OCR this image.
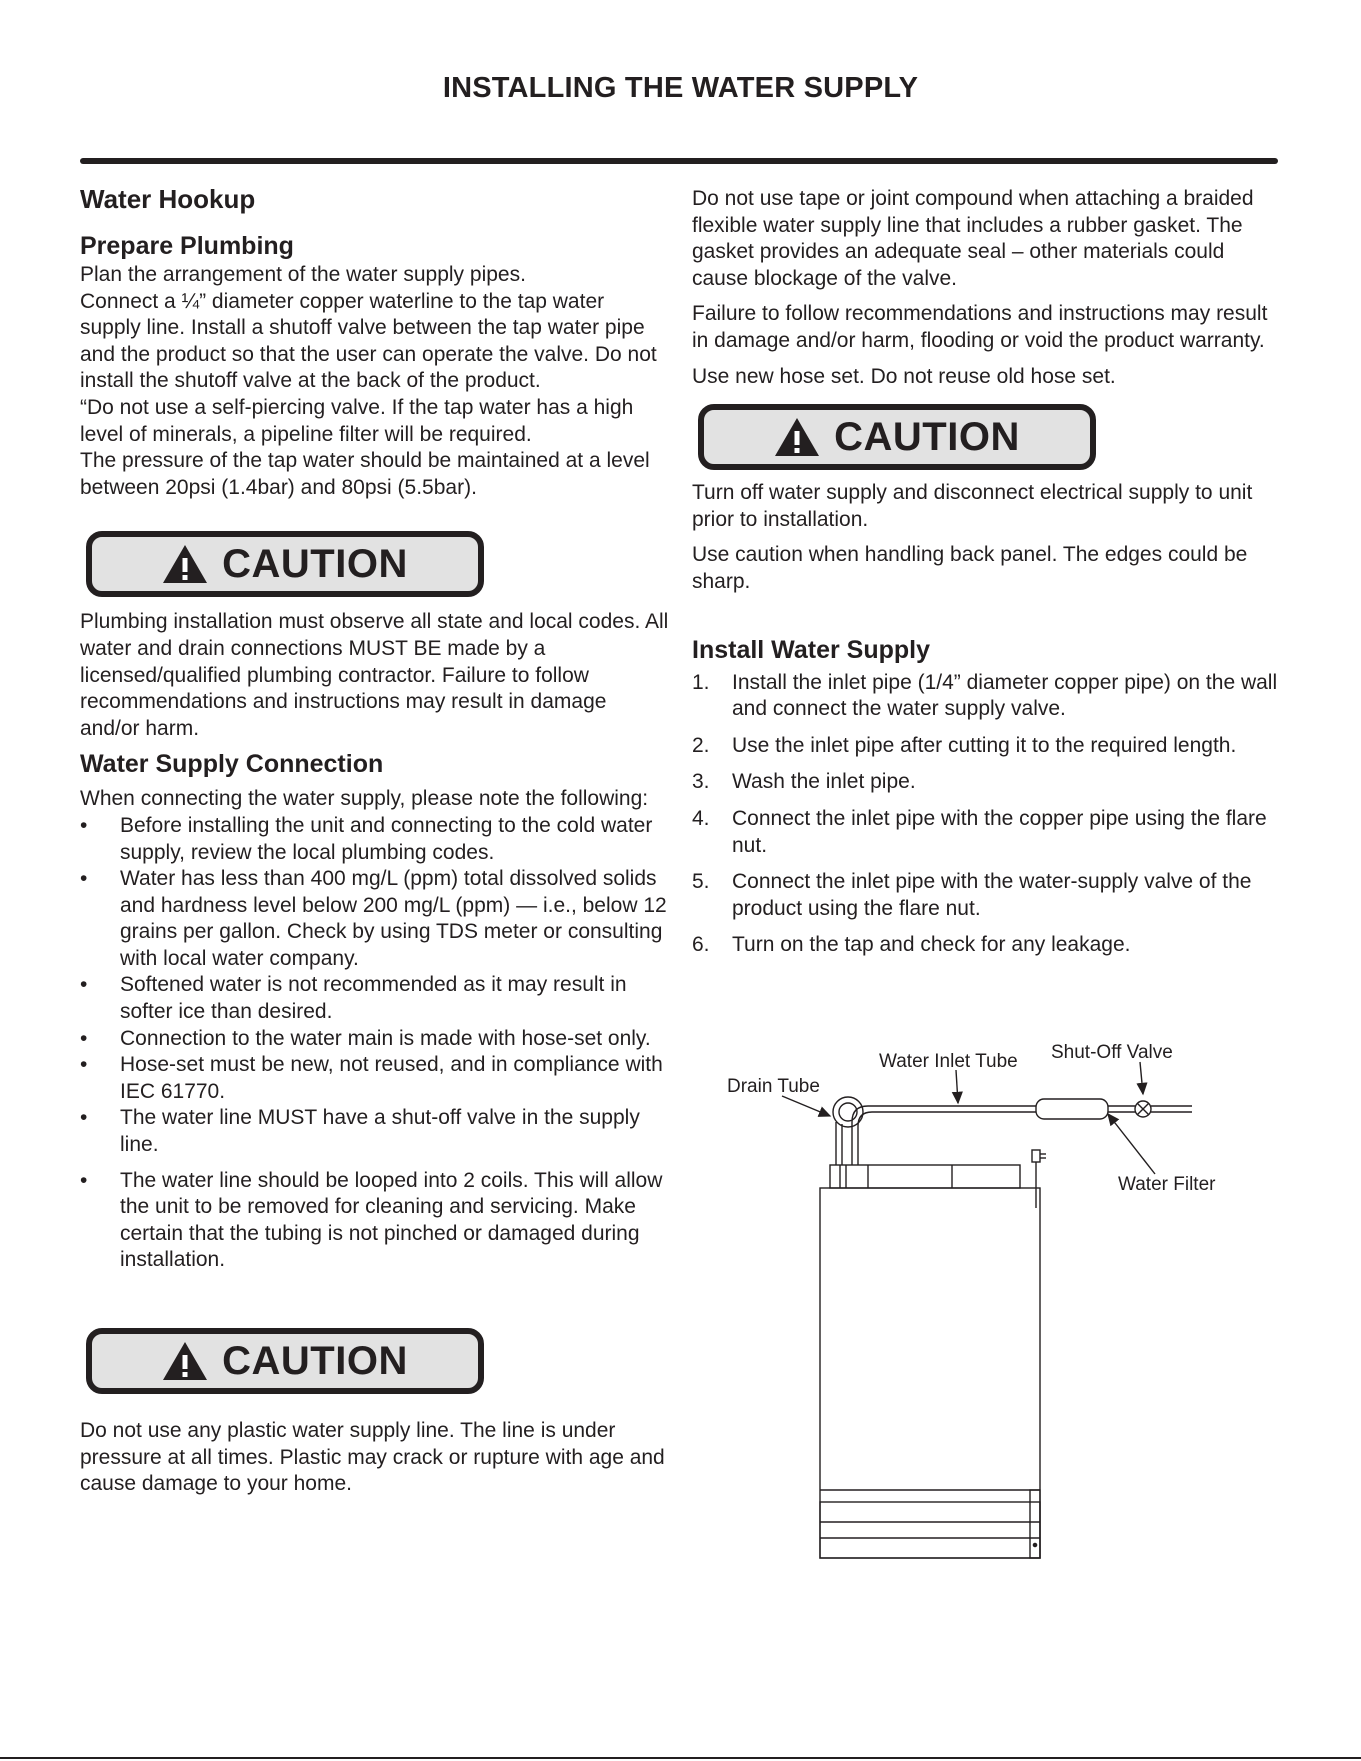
INSTALLING THE WATER SUPPLY
Water Hookup
Prepare Plumbing

Plan the arrangement of the water supply pipes.

Connect a ¼” diameter copper waterline to the tap water supply line. Install a shutoff valve between the tap water pipe and the product so that the user can operate the valve. Do not install the shutoff valve at the back of the product.

“Do not use a self-piercing valve. If the tap water has a high level of minerals, a pipeline filter will be required.

The pressure of the tap water should be maintained at a level between 20psi (1.4bar) and 80psi (5.5bar).

CAUTION

Plumbing installation must observe all state and local codes. All water and drain connections MUST BE made by a licensed/qualified plumbing contractor. Failure to follow recommendations and instructions may result in damage and/or harm.

Water Supply Connection

When connecting the water supply, please note the following:

• Before installing the unit and connecting to the cold water supply, review the local plumbing codes.
• Water has less than 400 mg/L (ppm) total dissolved solids and hardness level below 200 mg/L (ppm) — i.e., below 12 grains per gallon. Check by using TDS meter or consulting with local water company.
• Softened water is not recommended as it may result in softer ice than desired.
• Connection to the water main is made with hose-set only.
• Hose-set must be new, not reused, and in compliance with IEC 61770.
• The water line MUST have a shut-off valve in the supply line.
• The water line should be looped into 2 coils. This will allow the unit to be removed for cleaning and servicing. Make certain that the tubing is not pinched or damaged during installation.
CAUTION

Do not use any plastic water supply line. The line is under pressure at all times. Plastic may crack or rupture with age and cause damage to your home.

Do not use tape or joint compound when attaching a braided flexible water supply line that includes a rubber gasket. The gasket provides an adequate seal – other materials could cause blockage of the valve.

Failure to follow recommendations and instructions may result in damage and/or harm, flooding or void the product warranty.

Use new hose set. Do not reuse old hose set.

CAUTION

Turn off water supply and disconnect electrical supply to unit prior to installation.

Use caution when handling back panel. The edges could be sharp.

Install Water Supply
1. Install the inlet pipe (1/4” diameter copper pipe) on the wall and connect the water supply valve.
2. Use the inlet pipe after cutting it to the required length.
3. Wash the inlet pipe.
4. Connect the inlet pipe with the copper pipe using the flare nut.
5. Connect the inlet pipe with the water-supply valve of the product using the flare nut.
6. Turn on the tap and check for any leakage.
Water Inlet Tube Shut-Off Valve
Drain Tube
Water Filter
